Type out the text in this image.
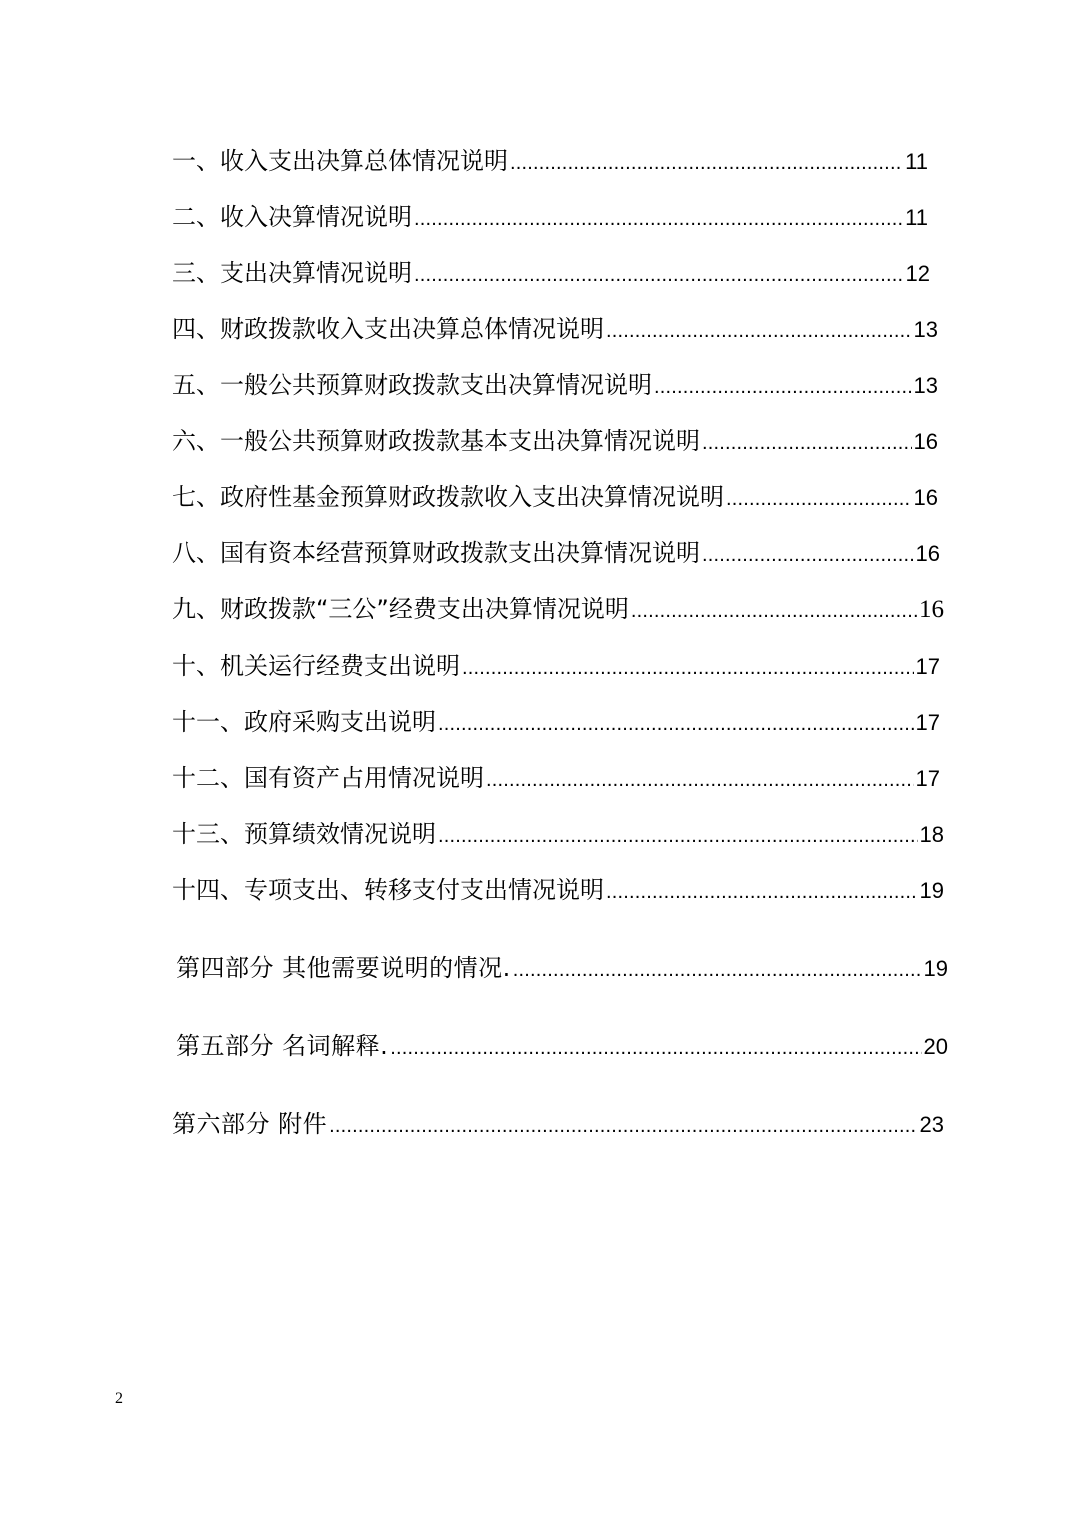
一、收入支出决算总体情况说明 .....	11
二、收入决算情况说明 .....	11
三、支出决算情况说明 .....	12
四、财政拨款收入支出决算总体情况说明 .....	13
五、一般公共预算财政拨款支出决算情况说明 .....	13
六、一般公共预算财政拨款基本支出决算情况说明 .....	16
七、政府性基金预算财政拨款收入支出决算情况说明 .....	16
八、国有资本经营预算财政拨款支出决算情况说明 .....	16
九、财政拨款“三公”经费支出决算情况说明 .....	16
十、机关运行经费支出说明 .....	17
十一、政府采购支出说明 .....	17
十二、国有资产占用情况说明 .....	17
十三、预算绩效情况说明 .....	18
十四、专项支出、转移支付支出情况说明 .....	19
第四部分 其他需要说明的情况. .....	19
第五部分 名词解释. .....	20
第六部分 附件 .....	23
2
